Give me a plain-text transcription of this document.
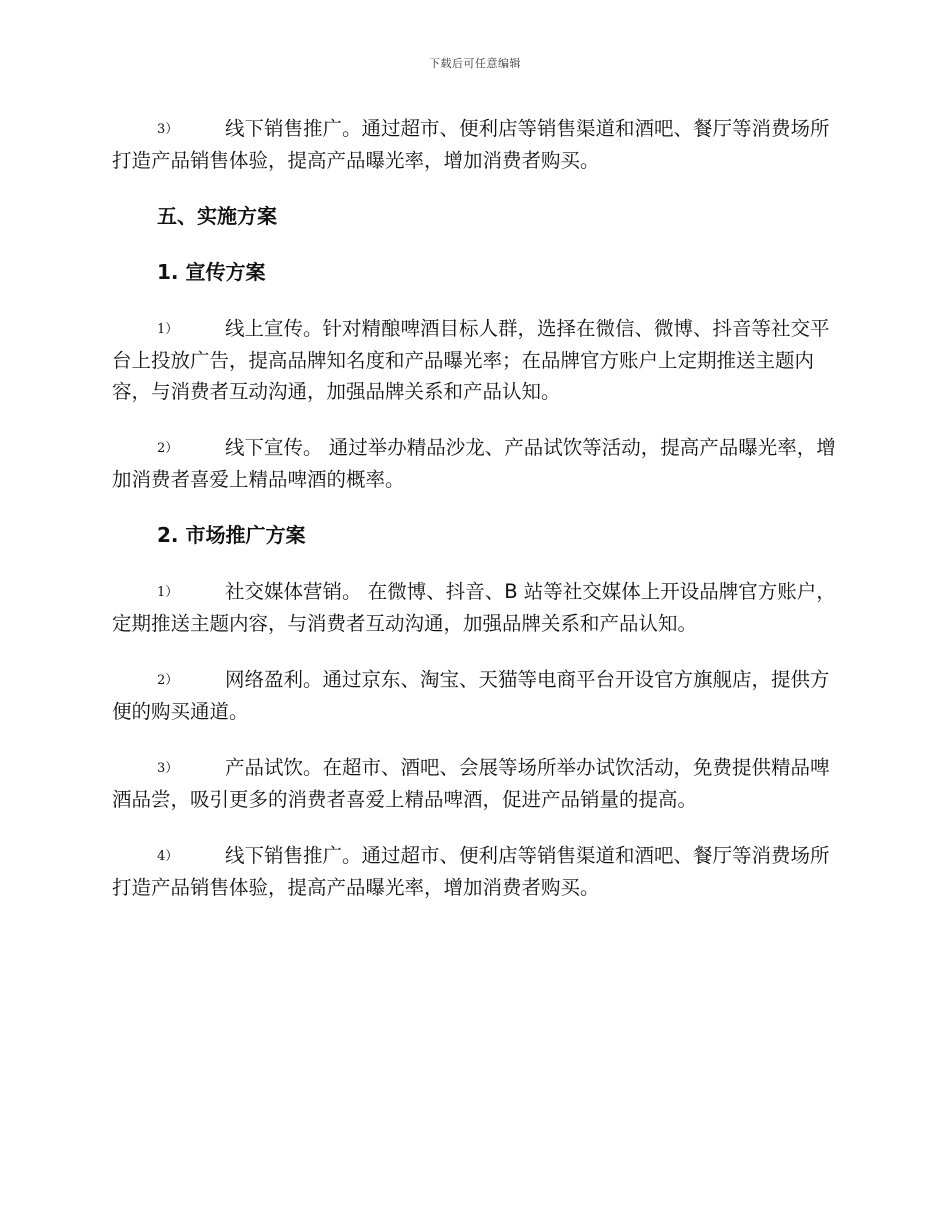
下载后可任意编辑

3） 线下销售推广。通过超市、便利店等销售渠道和酒吧、餐厅等消费场所打造产品销售体验，提高产品曝光率，增加消费者购买。

五、实施方案
1. 宣传方案

1） 线上宣传。针对精酿啤酒目标人群，选择在微信、微博、抖音等社交平台上投放广告，提高品牌知名度和产品曝光率；在品牌官方账户上定期推送主题内容，与消费者互动沟通，加强品牌关系和产品认知。

2） 线下宣传。 通过举办精品沙龙、产品试饮等活动，提高产品曝光率，增加消费者喜爱上精品啤酒的概率。

2. 市场推广方案

1） 社交媒体营销。 在微博、抖音、B 站等社交媒体上开设品牌官方账户，定期推送主题内容，与消费者互动沟通，加强品牌关系和产品认知。

2） 网络盈利。通过京东、淘宝、天猫等电商平台开设官方旗舰店，提供方便的购买通道。

3） 产品试饮。在超市、酒吧、会展等场所举办试饮活动，免费提供精品啤酒品尝，吸引更多的消费者喜爱上精品啤酒，促进产品销量的提高。

4） 线下销售推广。通过超市、便利店等销售渠道和酒吧、餐厅等消费场所打造产品销售体验，提高产品曝光率，增加消费者购买。
